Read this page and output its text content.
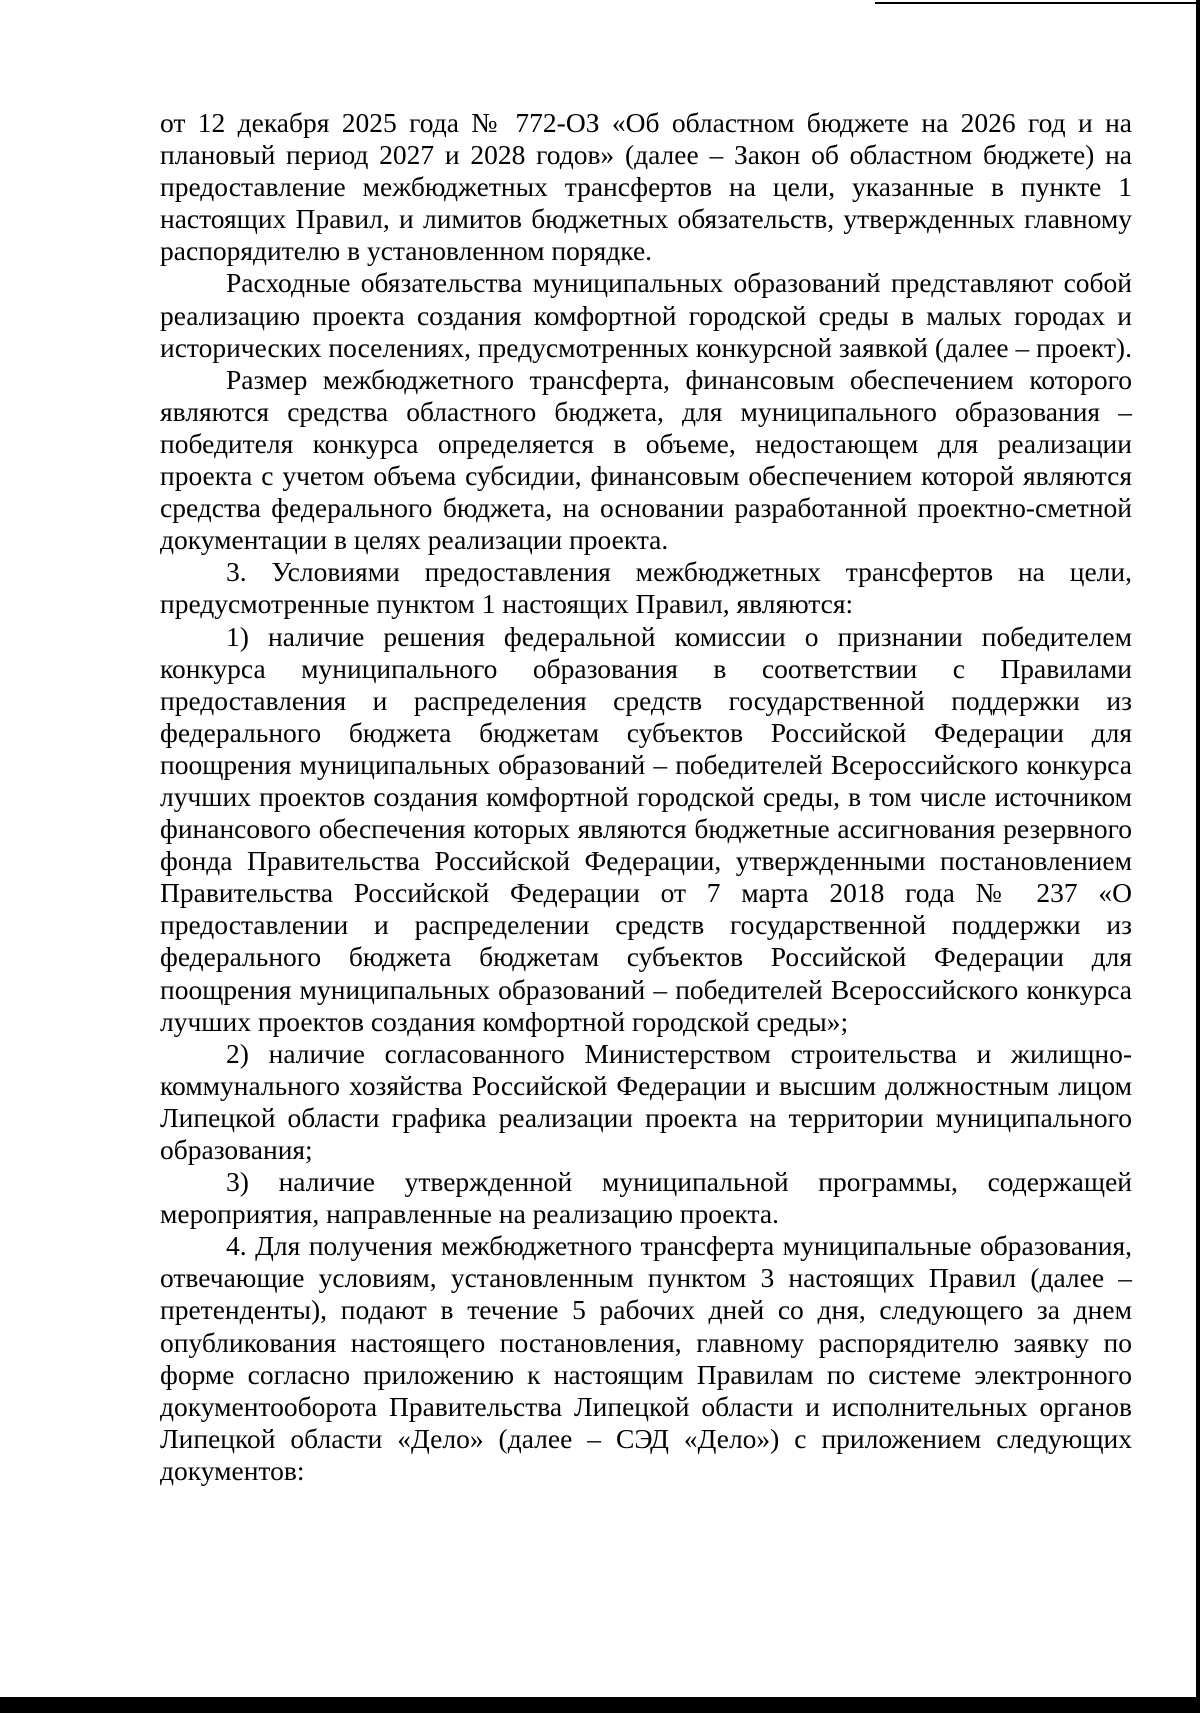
от 12 декабря 2025 года № 772-ОЗ «Об областном бюджете на 2026 год и на плановый период 2027 и 2028 годов» (далее – Закон об областном бюджете) на предоставление межбюджетных трансфертов на цели, указанные в пункте 1 настоящих Правил, и лимитов бюджетных обязательств, утвержденных главному распорядителю в установленном порядке.

Расходные обязательства муниципальных образований представляют собой реализацию проекта создания комфортной городской среды в малых городах и исторических поселениях, предусмотренных конкурсной заявкой (далее – проект).

Размер межбюджетного трансферта, финансовым обеспечением которого являются средства областного бюджета, для муниципального образования – победителя конкурса определяется в объеме, недостающем для реализации проекта с учетом объема субсидии, финансовым обеспечением которой являются средства федерального бюджета, на основании разработанной проектно-сметной документации в целях реализации проекта.

3. Условиями предоставления межбюджетных трансфертов на цели, предусмотренные пунктом 1 настоящих Правил, являются:

1) наличие решения федеральной комиссии о признании победителем конкурса муниципального образования в соответствии с Правилами предоставления и распределения средств государственной поддержки из федерального бюджета бюджетам субъектов Российской Федерации для поощрения муниципальных образований – победителей Всероссийского конкурса лучших проектов создания комфортной городской среды, в том числе источником финансового обеспечения которых являются бюджетные ассигнования резервного фонда Правительства Российской Федерации, утвержденными постановлением Правительства Российской Федерации от 7 марта 2018 года № 237 «О предоставлении и распределении средств государственной поддержки из федерального бюджета бюджетам субъектов Российской Федерации для поощрения муниципальных образований – победителей Всероссийского конкурса лучших проектов создания комфортной городской среды»;

2) наличие согласованного Министерством строительства и жилищно-коммунального хозяйства Российской Федерации и высшим должностным лицом Липецкой области графика реализации проекта на территории муниципального образования;

3) наличие утвержденной муниципальной программы, содержащей мероприятия, направленные на реализацию проекта.

4. Для получения межбюджетного трансферта муниципальные образования, отвечающие условиям, установленным пунктом 3 настоящих Правил (далее – претенденты), подают в течение 5 рабочих дней со дня, следующего за днем опубликования настоящего постановления, главному распорядителю заявку по форме согласно приложению к настоящим Правилам по системе электронного документооборота Правительства Липецкой области и исполнительных органов Липецкой области «Дело» (далее – СЭД «Дело») с приложением следующих документов:
